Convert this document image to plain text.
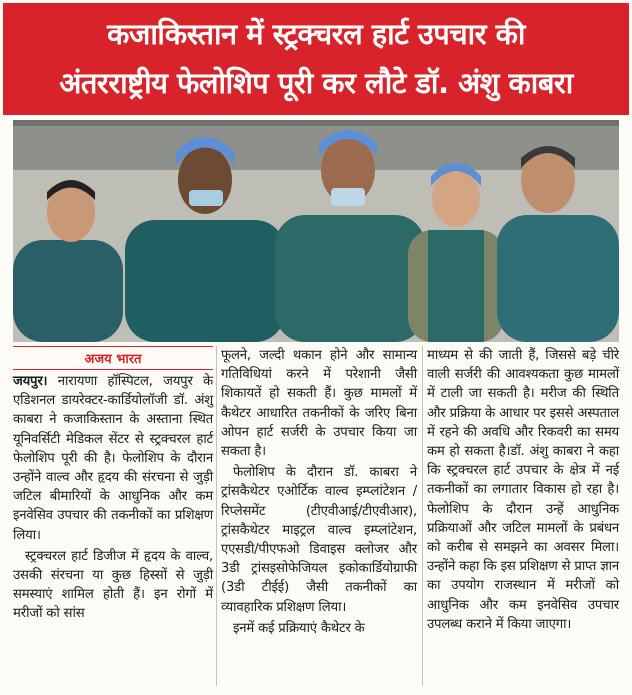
कजाकिस्तान में स्ट्रक्चरल हार्ट उपचार की
अंतरराष्ट्रीय फेलोशिप पूरी कर लौटे डॉ. अंशु काबरा
अजय भारत

जयपुर। नारायणा हॉस्पिटल, जयपुर के एडिशनल डायरेक्टर-कार्डियोलॉजी डॉ. अंशु काबरा ने कजाकिस्तान के अस्ताना स्थित यूनिवर्सिटी मेडिकल सेंटर से स्ट्रक्चरल हार्ट फेलोशिप पूरी की है। फेलोशिप के दौरान उन्होंने वाल्व और हृदय की संरचना से जुड़ी जटिल बीमारियों के आधुनिक और कम इनवेसिव उपचार की तकनीकों का प्रशिक्षण लिया।

स्ट्रक्चरल हार्ट डिजीज में हृदय के वाल्व, उसकी संरचना या कुछ हिस्सों से जुड़ी समस्याएं शामिल होती हैं। इन रोगों में मरीजों को सांस

फूलने, जल्दी थकान होने और सामान्य गतिविधियां करने में परेशानी जैसी शिकायतें हो सकती हैं। कुछ मामलों में कैथेटर आधारित तकनीकों के जरिए बिना ओपन हार्ट सर्जरी के उपचार किया जा सकता है।

फेलोशिप के दौरान डॉ. काबरा ने ट्रांसकैथेटर एओर्टिक वाल्व इम्प्लांटेशन /रिप्लेसमेंट (टीएवीआई/टीएवीआर), ट्रांसकैथेटर माइट्रल वाल्व इम्प्लांटेशन, एएसडी/पीएफओ डिवाइस क्लोजर और 3डी ट्रांसइसोफेजियल इकोकार्डियोग्राफी (3डी टीईई) जैसी तकनीकों का व्यावहारिक प्रशिक्षण लिया।

इनमें कई प्रक्रियाएं कैथेटर के

माध्यम से की जाती हैं, जिससे बड़े चीरे वाली सर्जरी की आवश्यकता कुछ मामलों में टाली जा सकती है। मरीज की स्थिति और प्रक्रिया के आधार पर इससे अस्पताल में रहने की अवधि और रिकवरी का समय कम हो सकता है।डॉ. अंशु काबरा ने कहा कि स्ट्रक्चरल हार्ट उपचार के क्षेत्र में नई तकनीकों का लगातार विकास हो रहा है। फेलोशिप के दौरान उन्हें आधुनिक प्रक्रियाओं और जटिल मामलों के प्रबंधन को करीब से समझने का अवसर मिला। उन्होंने कहा कि इस प्रशिक्षण से प्राप्त ज्ञान का उपयोग राजस्थान में मरीजों को आधुनिक और कम इनवेसिव उपचार उपलब्ध कराने में किया जाएगा।
